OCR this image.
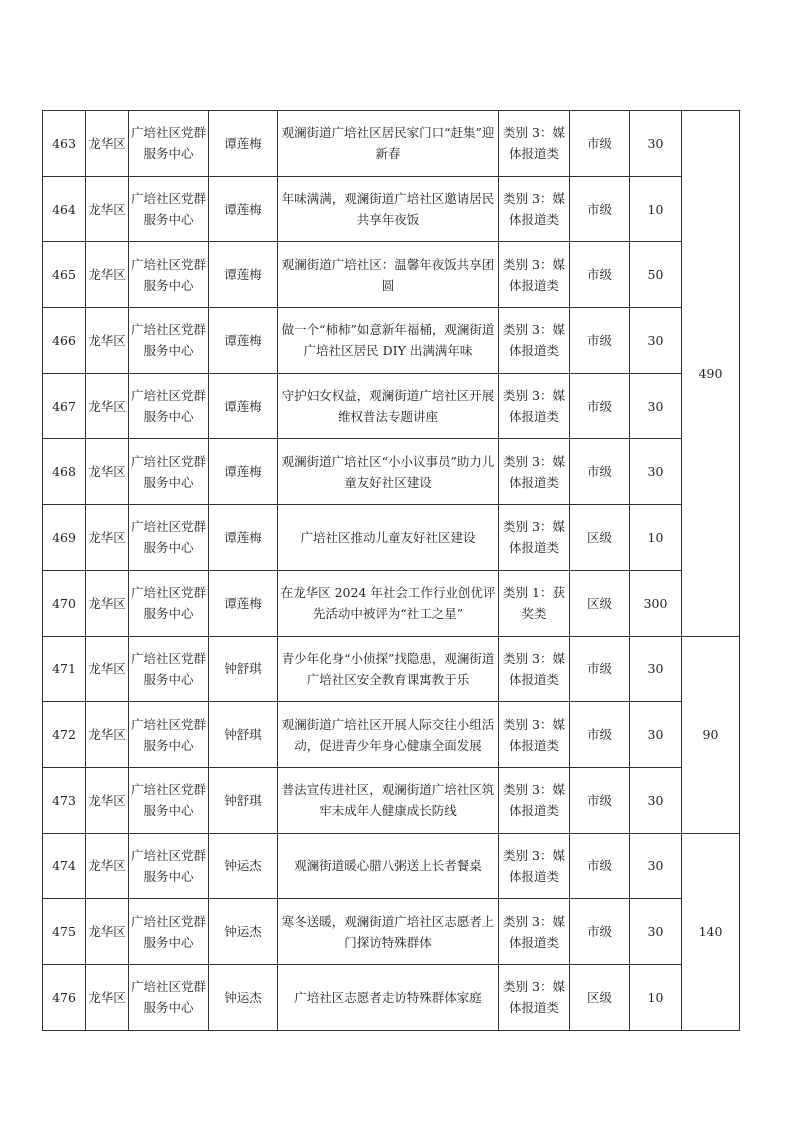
463	龙华区	广培社区党群服务中心	谭莲梅	观澜街道广培社区居民家门口“赶集”迎新春	类别 3：媒体报道类	市级	30	490
464	龙华区	广培社区党群服务中心	谭莲梅	年味满满，观澜街道广培社区邀请居民共享年夜饭	类别 3：媒体报道类	市级	10	
465	龙华区	广培社区党群服务中心	谭莲梅	观澜街道广培社区：温馨年夜饭共享团圆	类别 3：媒体报道类	市级	50	
466	龙华区	广培社区党群服务中心	谭莲梅	做一个“柿柿”如意新年福桶，观澜街道广培社区居民 DIY 出满满年味	类别 3：媒体报道类	市级	30	
467	龙华区	广培社区党群服务中心	谭莲梅	守护妇女权益，观澜街道广培社区开展维权普法专题讲座	类别 3：媒体报道类	市级	30	
468	龙华区	广培社区党群服务中心	谭莲梅	观澜街道广培社区“小小议事员”助力儿童友好社区建设	类别 3：媒体报道类	市级	30	
469	龙华区	广培社区党群服务中心	谭莲梅	广培社区推动儿童友好社区建设	类别 3：媒体报道类	区级	10	
470	龙华区	广培社区党群服务中心	谭莲梅	在龙华区 2024 年社会工作行业创优评先活动中被评为“社工之星”	类别 1：获奖类	区级	300	
471	龙华区	广培社区党群服务中心	钟舒琪	青少年化身“小侦探”找隐患，观澜街道广培社区安全教育课寓教于乐	类别 3：媒体报道类	市级	30	90
472	龙华区	广培社区党群服务中心	钟舒琪	观澜街道广培社区开展人际交往小组活动，促进青少年身心健康全面发展	类别 3：媒体报道类	市级	30	
473	龙华区	广培社区党群服务中心	钟舒琪	普法宣传进社区，观澜街道广培社区筑牢未成年人健康成长防线	类别 3：媒体报道类	市级	30	
474	龙华区	广培社区党群服务中心	钟运杰	观澜街道暖心腊八粥送上长者餐桌	类别 3：媒体报道类	市级	30	140
475	龙华区	广培社区党群服务中心	钟运杰	寒冬送暖，观澜街道广培社区志愿者上门探访特殊群体	类别 3：媒体报道类	市级	30	
476	龙华区	广培社区党群服务中心	钟运杰	广培社区志愿者走访特殊群体家庭	类别 3：媒体报道类	区级	10	
